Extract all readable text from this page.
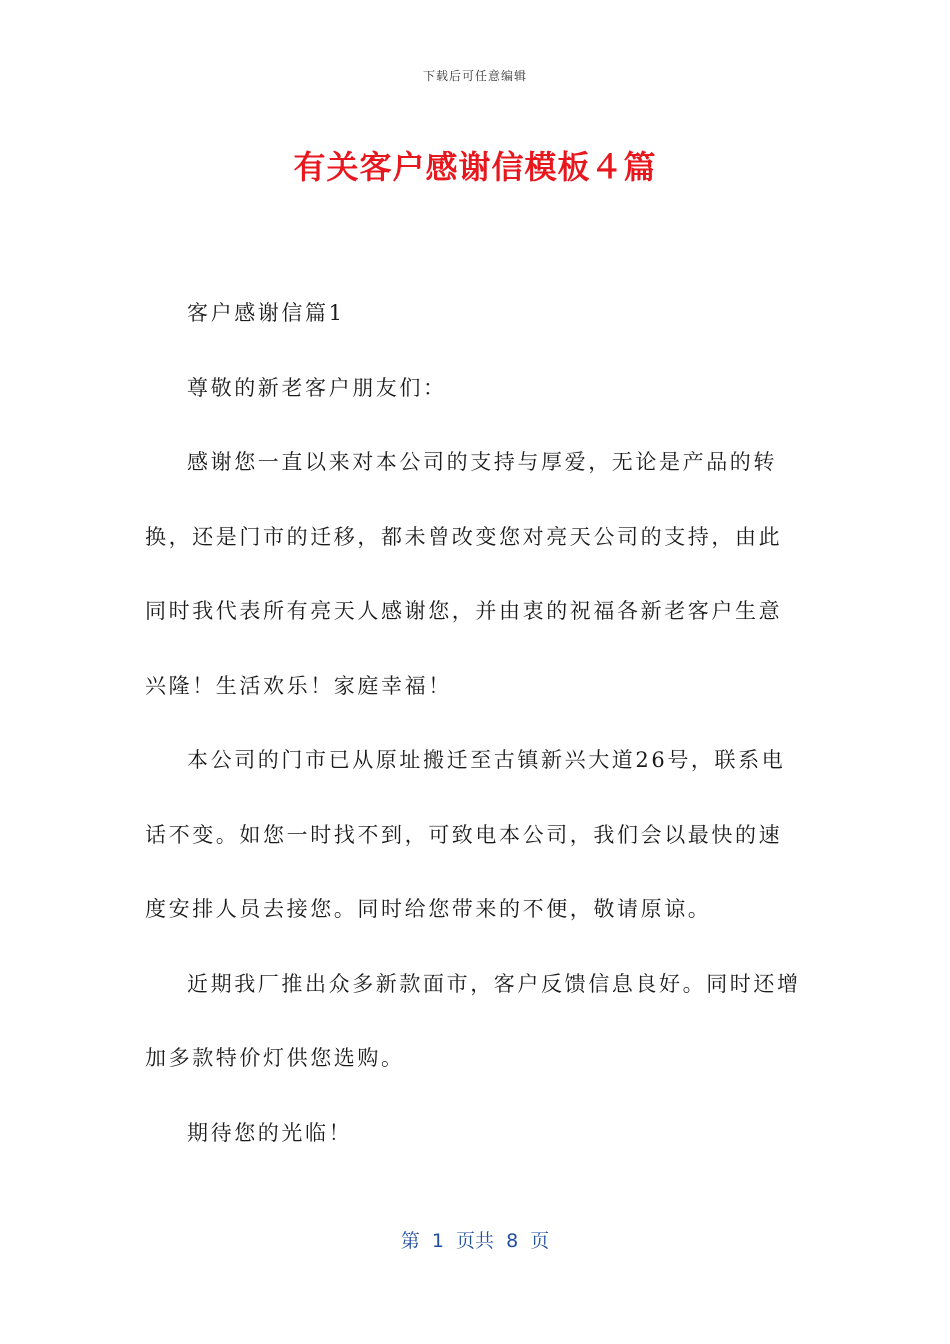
下载后可任意编辑
有关客户感谢信模板４篇

客户感谢信篇1

尊敬的新老客户朋友们：

感谢您一直以来对本公司的支持与厚爱，无论是产品的转换，还是门市的迁移，都未曾改变您对亮天公司的支持，由此同时我代表所有亮天人感谢您，并由衷的祝福各新老客户生意兴隆！生活欢乐！家庭幸福！

本公司的门市已从原址搬迁至古镇新兴大道26号，联系电话不变。如您一时找不到，可致电本公司，我们会以最快的速度安排人员去接您。同时给您带来的不便，敬请原谅。

近期我厂推出众多新款面市，客户反馈信息良好。同时还增加多款特价灯供您选购。

期待您的光临！

第  1  页共  8  页
